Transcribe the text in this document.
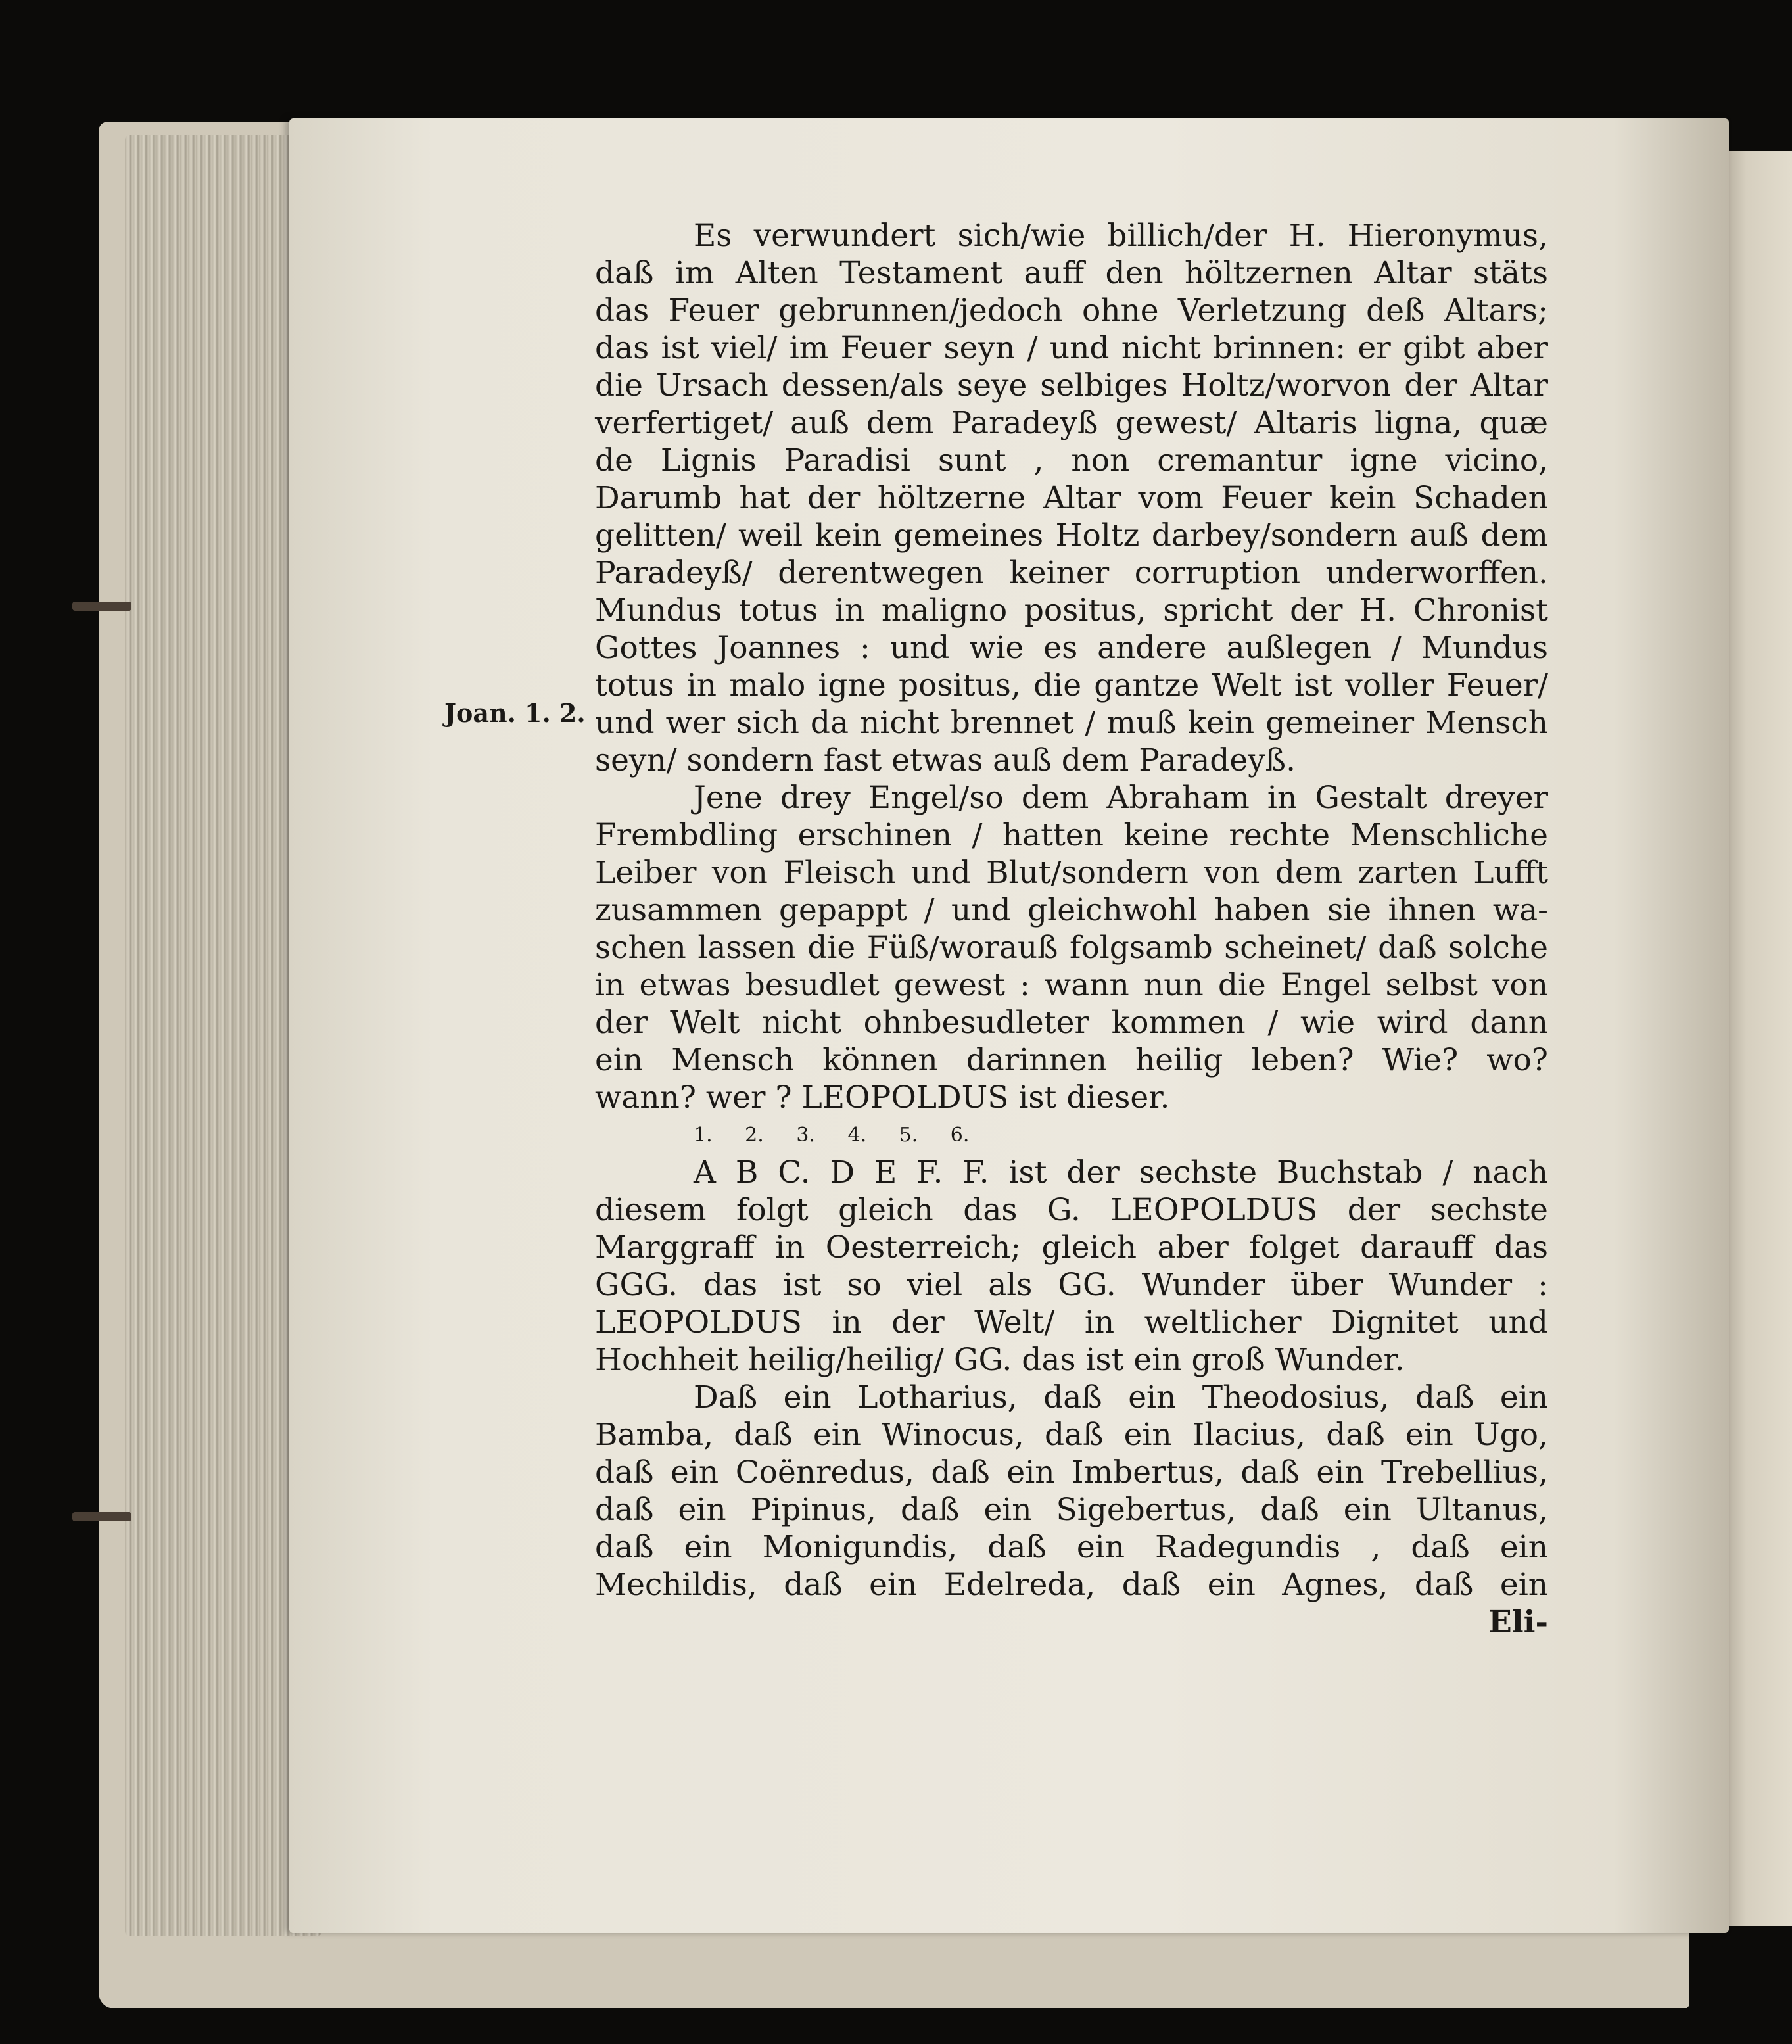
Joan. 1. 2.
Es verwundert sich/wie billich/der H. Hieronymus,
daß im Alten Testament auff den höltzernen Altar stäts
das Feuer gebrunnen/jedoch ohne Verletzung deß Altars;
das ist viel/ im Feuer seyn / und nicht brinnen: er gibt aber
die Ursach dessen/als seye selbiges Holtz/worvon der Altar
verfertiget/ auß dem Paradeyß gewest/ Altaris ligna, quæ
de Lignis Paradisi sunt , non cremantur igne vicino,
Darumb hat der höltzerne Altar vom Feuer kein Schaden
gelitten/ weil kein gemeines Holtz darbey/sondern auß dem
Paradeyß/ derentwegen keiner corruption underworffen.
Mundus totus in maligno positus, spricht der H. Chronist
Gottes Joannes : und wie es andere außlegen / Mundus
totus in malo igne positus, die gantze Welt ist voller Feuer/
und wer sich da nicht brennet / muß kein gemeiner Mensch
seyn/ sondern fast etwas auß dem Paradeyß.
Jene drey Engel/so dem Abraham in Gestalt dreyer
Frembdling erschinen / hatten keine rechte Menschliche
Leiber von Fleisch und Blut/sondern von dem zarten Lufft
zusammen gepappt / und gleichwohl haben sie ihnen wa-
schen lassen die Füß/worauß folgsamb scheinet/ daß solche
in etwas besudlet gewest : wann nun die Engel selbst von
der Welt nicht ohnbesudleter kommen / wie wird dann
ein Mensch können darinnen heilig leben? Wie? wo?
wann? wer ? LEOPOLDUS ist dieser.
1. 2. 3. 4. 5. 6.
A B C. D E F. F. ist der sechste Buchstab / nach
diesem folgt gleich das G. LEOPOLDUS der sechste
Marggraff in Oesterreich; gleich aber folget darauff das
GGG. das ist so viel als GG. Wunder über Wunder :
LEOPOLDUS in der Welt/ in weltlicher Dignitet und
Hochheit heilig/heilig/ GG. das ist ein groß Wunder.
Daß ein Lotharius, daß ein Theodosius, daß ein
Bamba, daß ein Winocus, daß ein Ilacius, daß ein Ugo,
daß ein Coënredus, daß ein Imbertus, daß ein Trebellius,
daß ein Pipinus, daß ein Sigebertus, daß ein Ultanus,
daß ein Monigundis, daß ein Radegundis , daß ein
Mechildis, daß ein Edelreda, daß ein Agnes, daß ein
Eli-
